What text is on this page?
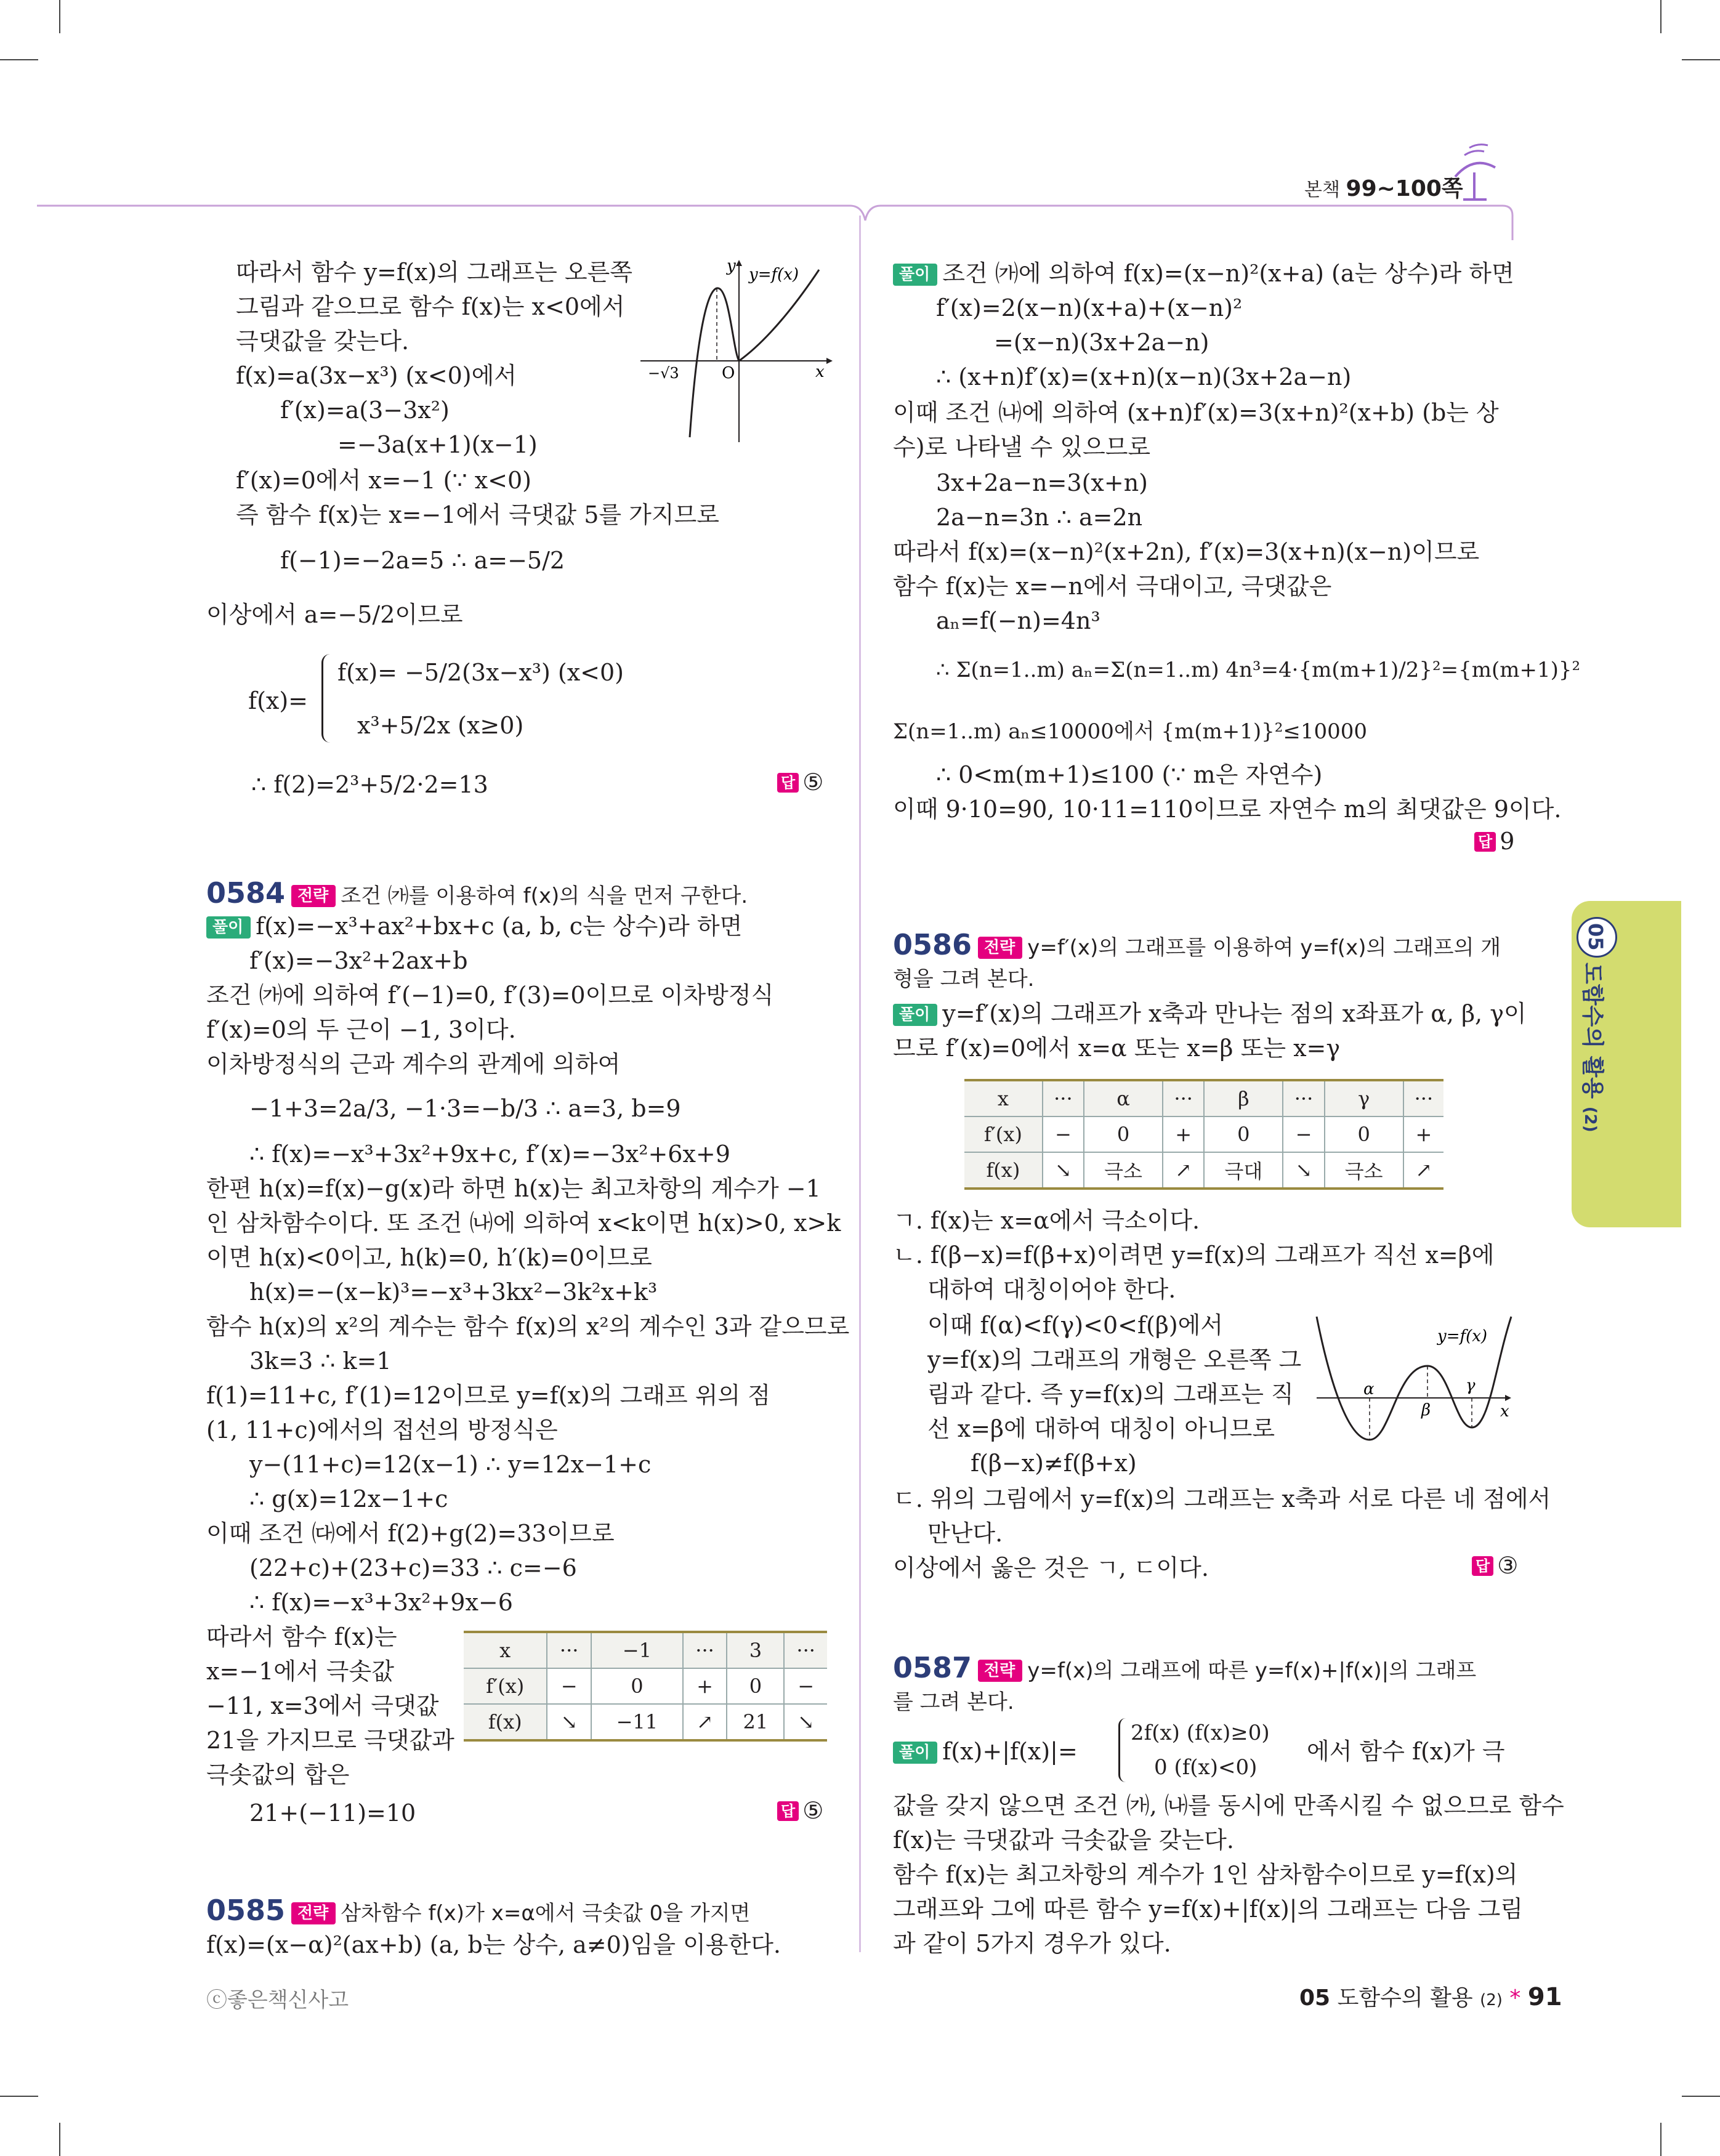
본책 99~100쪽
05
도함수의 활용 (2)
따라서 함수 y=f(x)의 그래프는 오른쪽
그림과 같으므로 함수 f(x)는 x<0에서
극댓값을 갖는다.
f(x)=a(3x−x³) (x<0)에서
f′(x)=a(3−3x²)
=−3a(x+1)(x−1)
f′(x)=0에서 x=−1 (∵ x<0)
즉 함수 f(x)는 x=−1에서 극댓값 5를 가지므로
f(−1)=−2a=5 ∴ a=−5/2
이상에서 a=−5/2이므로
f(x)=
f(x)= −5/2(3x−x³) (x<0)
x³+5/2x (x≥0)
∴ f(2)=2³+5/2·2=13	답 ⑤
y y=f(x)
x
O
−√3
0584 전략 조건 ㈎를 이용하여 f(x)의 식을 먼저 구한다.
풀이 f(x)=−x³+ax²+bx+c (a, b, c는 상수)라 하면
f′(x)=−3x²+2ax+b
조건 ㈎에 의하여 f′(−1)=0, f′(3)=0이므로 이차방정식
f′(x)=0의 두 근이 −1, 3이다.
이차방정식의 근과 계수의 관계에 의하여
−1+3=2a/3, −1·3=−b/3 ∴ a=3, b=9
∴ f(x)=−x³+3x²+9x+c, f′(x)=−3x²+6x+9
한편 h(x)=f(x)−g(x)라 하면 h(x)는 최고차항의 계수가 −1
인 삼차함수이다. 또 조건 ㈏에 의하여 x<k이면 h(x)>0, x>k
이면 h(x)<0이고, h(k)=0, h′(k)=0이므로
h(x)=−(x−k)³=−x³+3kx²−3k²x+k³
함수 h(x)의 x²의 계수는 함수 f(x)의 x²의 계수인 3과 같으므로
3k=3 ∴ k=1
f(1)=11+c, f′(1)=12이므로 y=f(x)의 그래프 위의 점
(1, 11+c)에서의 접선의 방정식은
y−(11+c)=12(x−1) ∴ y=12x−1+c
∴ g(x)=12x−1+c
이때 조건 ㈐에서 f(2)+g(2)=33이므로
(22+c)+(23+c)=33 ∴ c=−6
∴ f(x)=−x³+3x²+9x−6
따라서 함수 f(x)는
x=−1에서 극솟값
−11, x=3에서 극댓값
21을 가지므로 극댓값과
극솟값의 합은
21+(−11)=10	답 ⑤
x	···	−1	···	3	···
f′(x)	−	0	+	0	−
f(x)	↘	−11	↗	21	↘
0585 전략 삼차함수 f(x)가 x=α에서 극솟값 0을 가지면
f(x)=(x−α)²(ax+b) (a, b는 상수, a≠0)임을 이용한다.
풀이 조건 ㈎에 의하여 f(x)=(x−n)²(x+a) (a는 상수)라 하면
f′(x)=2(x−n)(x+a)+(x−n)²
=(x−n)(3x+2a−n)
∴ (x+n)f′(x)=(x+n)(x−n)(3x+2a−n)
이때 조건 ㈏에 의하여 (x+n)f′(x)=3(x+n)²(x+b) (b는 상
수)로 나타낼 수 있으므로
3x+2a−n=3(x+n)
2a−n=3n ∴ a=2n
따라서 f(x)=(x−n)²(x+2n), f′(x)=3(x+n)(x−n)이므로
함수 f(x)는 x=−n에서 극대이고, 극댓값은
aₙ=f(−n)=4n³
∴ Σ(n=1..m) aₙ=Σ(n=1..m) 4n³=4·{m(m+1)/2}²={m(m+1)}²
Σ(n=1..m) aₙ≤10000에서 {m(m+1)}²≤10000
∴ 0<m(m+1)≤100 (∵ m은 자연수)
이때 9·10=90, 10·11=110이므로 자연수 m의 최댓값은 9이다.
답 9
0586 전략 y=f′(x)의 그래프를 이용하여 y=f(x)의 그래프의 개
형을 그려 본다.
풀이 y=f′(x)의 그래프가 x축과 만나는 점의 x좌표가 α, β, γ이
므로 f′(x)=0에서 x=α 또는 x=β 또는 x=γ
x	···	α	···	β	···	γ	···
f′(x)	−	0	+	0	−	0	+
f(x)	↘	극소	↗	극대	↘	극소	↗
ㄱ. f(x)는 x=α에서 극소이다.
ㄴ. f(β−x)=f(β+x)이려면 y=f(x)의 그래프가 직선 x=β에
대하여 대칭이어야 한다.
이때 f(α)<f(γ)<0<f(β)에서
y=f(x)의 그래프의 개형은 오른쪽 그
림과 같다. 즉 y=f(x)의 그래프는 직
선 x=β에 대하여 대칭이 아니므로
f(β−x)≠f(β+x)
ㄷ. 위의 그림에서 y=f(x)의 그래프는 x축과 서로 다른 네 점에서
만난다.
이상에서 옳은 것은 ㄱ, ㄷ이다.	답 ③
y=f(x)
x
α
β
γ
0587 전략 y=f(x)의 그래프에 따른 y=f(x)+|f(x)|의 그래프
를 그려 본다.
풀이 f(x)+|f(x)|=
2f(x) (f(x)≥0)
0 (f(x)<0)
에서 함수 f(x)가 극
값을 갖지 않으면 조건 ㈎, ㈏를 동시에 만족시킬 수 없으므로 함수
f(x)는 극댓값과 극솟값을 갖는다.
함수 f(x)는 최고차항의 계수가 1인 삼차함수이므로 y=f(x)의
그래프와 그에 따른 함수 y=f(x)+|f(x)|의 그래프는 다음 그림
과 같이 5가지 경우가 있다.
ⓒ좋은책신사고	05 도함수의 활용 (2) * 91
